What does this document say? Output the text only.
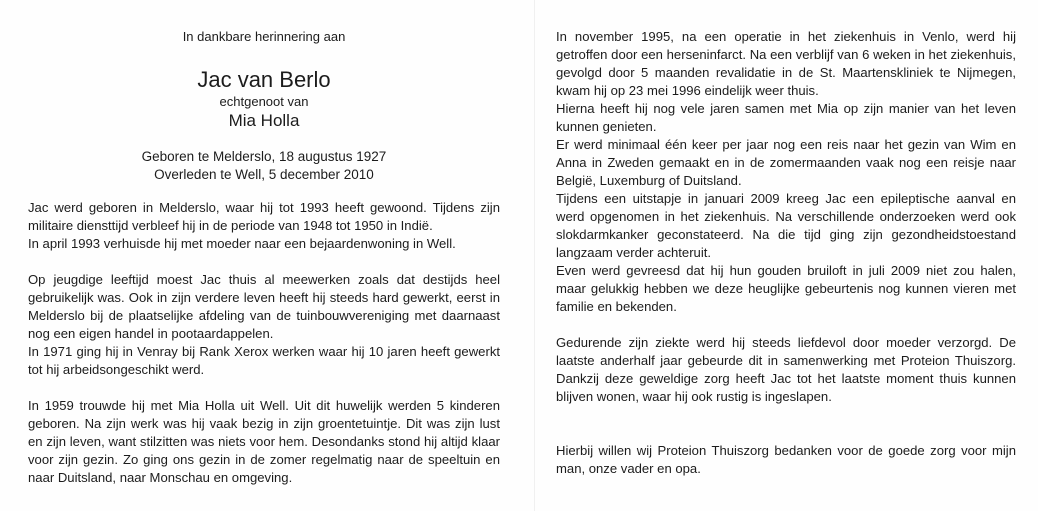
In dankbare herinnering aan

Jac van Berlo

echtgenoot van

Mia Holla

Geboren te Melderslo, 18 augustus 1927

Overleden te Well, 5 december 2010

Jac werd geboren in Melderslo, waar hij tot 1993 heeft gewoond. Tijdens zijn militaire diensttijd verbleef hij in de periode van 1948 tot 1950 in Indië.

In april 1993 verhuisde hij met moeder naar een bejaardenwoning in Well.

Op jeugdige leeftijd moest Jac thuis al meewerken zoals dat destijds heel gebruikelijk was. Ook in zijn verdere leven heeft hij steeds hard gewerkt, eerst in Melderslo bij de plaatselijke afdeling van de tuinbouwvereniging met daarnaast nog een eigen handel in pootaardappelen.

In 1971 ging hij in Venray bij Rank Xerox werken waar hij 10 jaren heeft gewerkt tot hij arbeidsongeschikt werd.

In 1959 trouwde hij met Mia Holla uit Well. Uit dit huwelijk werden 5 kinderen geboren. Na zijn werk was hij vaak bezig in zijn groentetuintje. Dit was zijn lust en zijn leven, want stilzitten was niets voor hem. Desondanks stond hij altijd klaar voor zijn gezin. Zo ging ons gezin in de zomer regelmatig naar de speeltuin en naar Duitsland, naar Monschau en omgeving.

In november 1995, na een operatie in het ziekenhuis in Venlo, werd hij getroffen door een herseninfarct. Na een verblijf van 6 weken in het ziekenhuis, gevolgd door 5 maanden revalidatie in de St. Maartenskliniek te Nijmegen, kwam hij op 23 mei 1996 eindelijk weer thuis.

Hierna heeft hij nog vele jaren samen met Mia op zijn manier van het leven kunnen genieten.

Er werd minimaal één keer per jaar nog een reis naar het gezin van Wim en Anna in Zweden gemaakt en in de zomermaanden vaak nog een reisje naar België, Luxemburg of Duitsland.

Tijdens een uitstapje in januari 2009 kreeg Jac een epileptische aanval en werd opgenomen in het ziekenhuis. Na verschillende onderzoeken werd ook slokdarmkanker geconstateerd. Na die tijd ging zijn gezondheidstoestand langzaam verder achteruit.

Even werd gevreesd dat hij hun gouden bruiloft in juli 2009 niet zou halen, maar gelukkig hebben we deze heuglijke gebeurtenis nog kunnen vieren met familie en bekenden.

Gedurende zijn ziekte werd hij steeds liefdevol door moeder verzorgd. De laatste anderhalf jaar gebeurde dit in samenwerking met Proteion Thuiszorg. Dankzij deze geweldige zorg heeft Jac tot het laatste moment thuis kunnen blijven wonen, waar hij ook rustig is ingeslapen.

Hierbij willen wij Proteion Thuiszorg bedanken voor de goede zorg voor mijn man, onze vader en opa.
